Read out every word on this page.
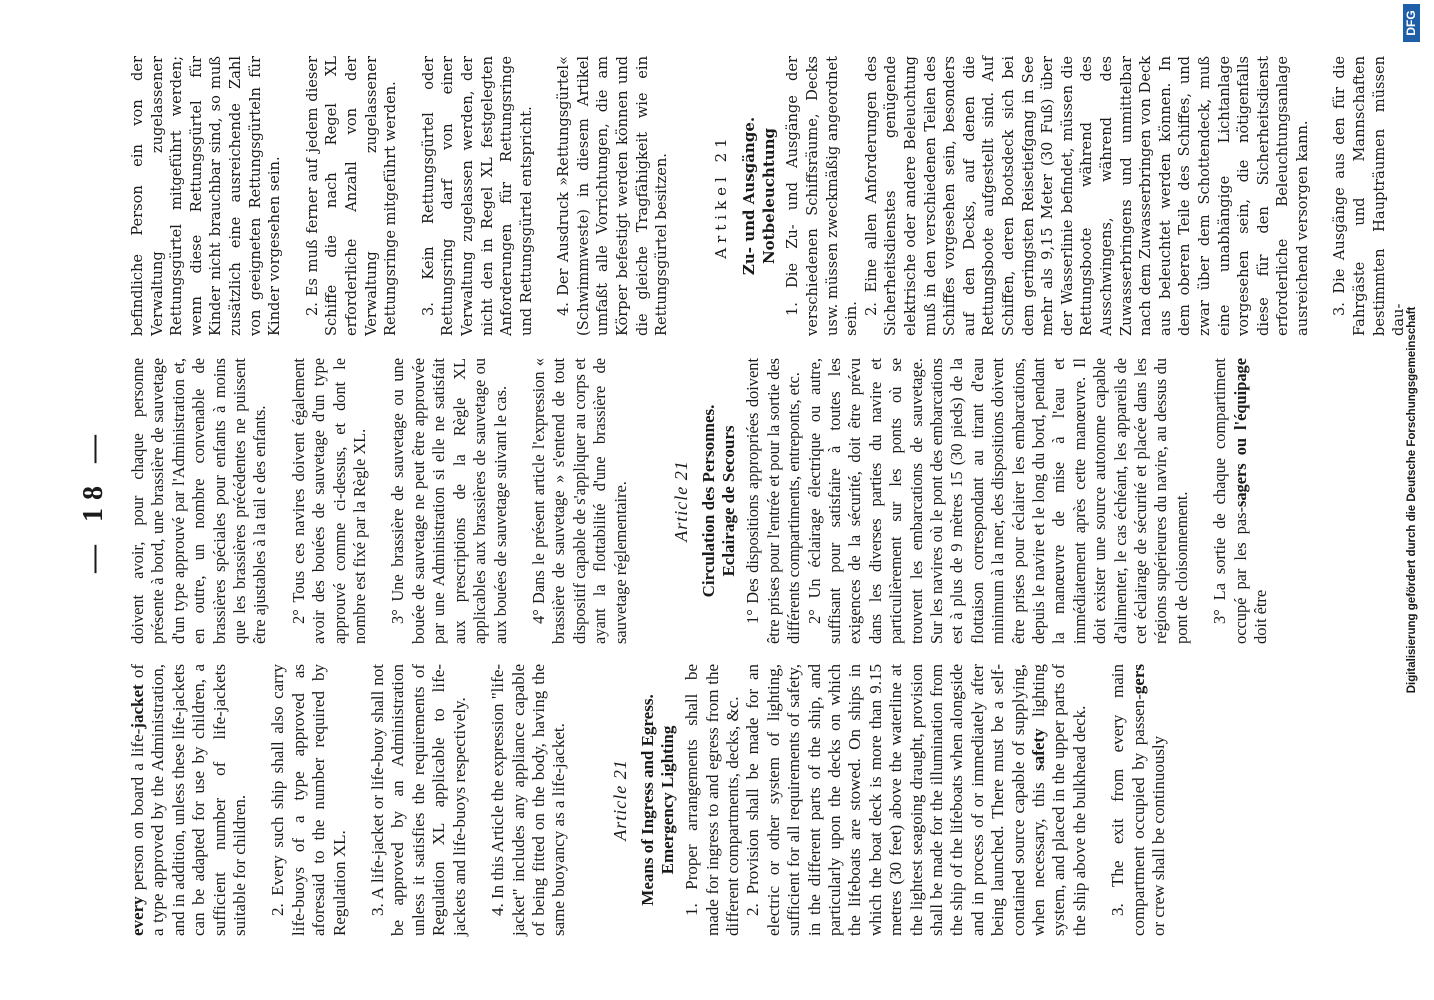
— 18 —

every person on board a life-jacket of a type approved by the Administration, and in addition, unless these life-jackets can be adapted for use by children, a sufficient number of life-jackets suitable for children. 2. Every such ship shall also carry life-buoys of a type approved as aforesaid to the number required by Regulation XL. 3. A life-jacket or life-buoy shall not be approved by an Administration unless it satisfies the requirements of Regulation XL applicable to life-jackets and life-buoys respectively. 4. In this Article the expression "life-jacket" includes any appliance capable of being fitted on the body, having the same buoyancy as a life-jacket. Article 21 Means of Ingress and Egress.
Emergency Lighting 1. Proper arrangements shall be made for ingress to and egress from the different compartments, decks, &c. 2. Provision shall be made for an electric or other system of lighting, sufficient for all requirements of safety, in the different parts of the ship, and particularly upon the decks on which the lifeboats are stowed. On ships in which the boat deck is more than 9.15 metres (30 feet) above the waterline at the lightest seagoing draught, provision shall be made for the illumination from the ship of the lifeboats when alongside and in process of or immediately after being launched. There must be a self-contained source capable of supplying, when necessary, this safety lighting system, and placed in the upper parts of the ship above the bulkhead deck. 3. The exit from every main compartment occupied by passen-gers or crew shall be continuously

doivent avoir, pour chaque personne présente à bord, une brassière de sauvetage d'un type approuvé par l'Administration et, en outre, un nombre convenable de brassières spéciales pour enfants à moins que les brassières précédentes ne puissent être ajustables à la tail e des enfants. 2° Tous ces navires doivent également avoir des bouées de sauvetage d'un type approuvé comme ci-dessus, et dont le nombre est fixé par la Règle XL. 3° Une brassière de sauvetage ou une bouée de sauvetage ne peut être approuvée par une Administration si elle ne satisfait aux prescriptions de la Règle XL applicables aux brassières de sauvetage ou aux bouées de sauvetage suivant le cas. 4° Dans le présent article l'expression « brassière de sauvetage » s'entend de tout dispositif capable de s'appliquer au corps et ayant la flottabilité d'une brassière de sauvetage réglementaire. Article 21 Circulation des Personnes.
Eclairage de Secours 1° Des dispositions appropriées doivent être prises pour l'entrée et pour la sortie des différents compartiments, entreponts, etc. 2° Un éclairage électrique ou autre, suffisant pour satisfaire à toutes les exigences de la sécurité, doit être prévu dans les diverses parties du navire et particulièrement sur les ponts où se trouvent les embarcations de sauvetage. Sur les navires où le pont des embarcations est à plus de 9 mètres 15 (30 pieds) de la flottaison correspondant au tirant d'eau minimum à la mer, des dispositions doivent être prises pour éclairer les embarcations, depuis le navire et le long du bord, pendant la manœuvre de mise à l'eau et immédiatement après cette manœuvre. Il doit exister une source autonome capable d'alimenter, le cas échéant, les appareils de cet éclairage de sécurité et placée dans les régions supérieures du navire, au dessus du pont de cloisonnement. 3° La sortie de chaque compartiment occupé par les pas-sagers ou l'équipage doit être

befindliche Person ein von der Verwaltung zugelassener Rettungsgürtel mitgeführt werden; wenn diese Rettungsgürtel für Kinder nicht brauchbar sind, so muß zusätzlich eine ausreichende Zahl von geeigneten Rettungsgürteln für Kinder vorgesehen sein. 2. Es muß ferner auf jedem dieser Schiffe die nach Regel XL erforderliche Anzahl von der Verwaltung zugelassener Rettungsringe mitgeführt werden. 3. Kein Rettungsgürtel oder Rettungsring darf von einer Verwaltung zugelassen werden, der nicht den in Regel XL festgelegten Anforderungen für Rettungsringe und Rettungsgürtel entspricht. 4. Der Ausdruck »Rettungsgürtel« (Schwimmweste) in diesem Artikel umfaßt alle Vorrichtungen, die am Körper befestigt werden können und die gleiche Tragfähigkeit wie ein Rettungsgürtel besitzen.	Artikel 21 Zu- und Ausgänge. Notbeleuchtung 1. Die Zu- und Ausgänge der verschiedenen Schiffsräume, Decks usw. müssen zweckmäßig angeordnet sein.

2. Eine allen Anforderungen des Sicherheitsdienstes genügende elektrische oder andere Beleuchtung muß in den verschiedenen Teilen des Schiffes vorgesehen sein, besonders auf den Decks, auf denen die Rettungsboote aufgestellt sind. Auf Schiffen, deren Bootsdeck sich bei dem geringsten Reisetiefgang in See mehr als 9,15 Meter (30 Fuß) über der Wasserlinie befindet, müssen die Rettungsboote während des Ausschwingens, während des Zuwasserbringens und unmittelbar nach dem Zuwasserbringen von Deck aus beleuchtet werden können. In dem oberen Teile des Schiffes, und zwar über dem Schottendeck, muß eine unabhängige Lichtanlage vorgesehen sein, die nötigenfalls diese für den Sicherheitsdienst erforderliche Beleuchtungsanlage ausreichend versorgen kann. 3. Die Ausgänge aus den für die Fahrgäste und Mannschaften bestimmten Haupträumen müssen dau-

Digitalisierung gefördert durch die Deutsche Forschungsgemeinschaft
DFG
